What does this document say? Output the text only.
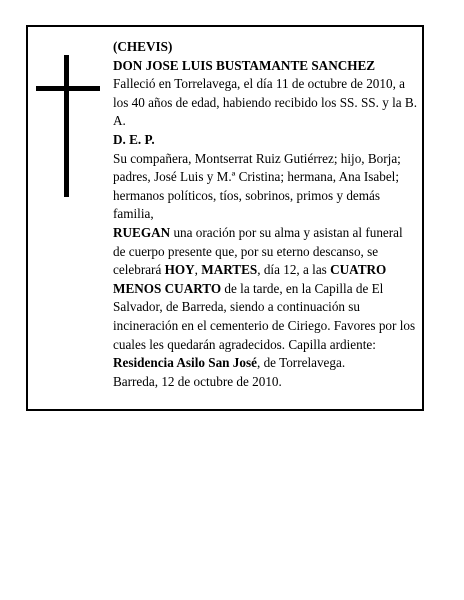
(CHEVIS)

DON JOSE LUIS BUSTAMANTE SANCHEZ

Falleció en Torrelavega, el día 11 de octubre de 2010, a los 40 años de edad, habiendo recibido los SS. SS. y la B. A.

D. E. P.

Su compañera, Montserrat Ruiz Gutiérrez; hijo, Borja; padres, José Luis y M.ª Cristina; hermana, Ana Isabel; hermanos políticos, tíos, sobrinos, primos y demás familia,

RUEGAN una oración por su alma y asistan al funeral de cuerpo presente que, por su eterno descanso, se celebrará HOY, MARTES, día 12, a las CUATRO MENOS CUARTO de la tarde, en la Capilla de El Salvador, de Barreda, siendo a continuación su incineración en el cementerio de Ciriego. Favores por los cuales les quedarán agradecidos. Capilla ardiente: Residencia Asilo San José, de Torrelavega.

Barreda, 12 de octubre de 2010.
